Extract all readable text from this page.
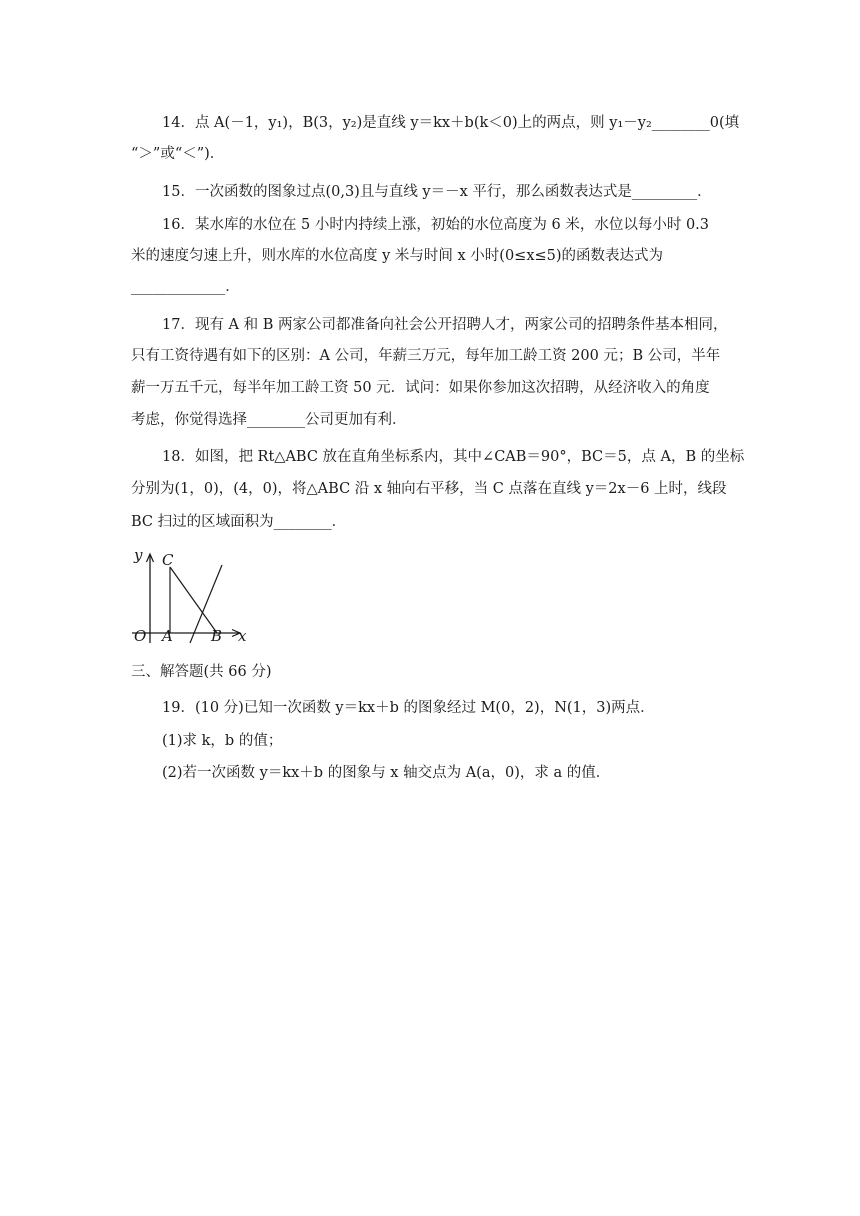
14．点 A(－1，y₁)，B(3，y₂)是直线 y＝kx＋b(k＜0)上的两点，则 y₁－y₂________0(填
“＞”或“＜”)．
15．一次函数的图象过点(0,3)且与直线 y＝－x 平行，那么函数表达式是_________．
16．某水库的水位在 5 小时内持续上涨，初始的水位高度为 6 米，水位以每小时 0.3
米的速度匀速上升，则水库的水位高度 y 米与时间 x 小时(0≤x≤5)的函数表达式为
_____________．
17．现有 A 和 B 两家公司都准备向社会公开招聘人才，两家公司的招聘条件基本相同，
只有工资待遇有如下的区别：A 公司，年薪三万元，每年加工龄工资 200 元；B 公司，半年
薪一万五千元，每半年加工龄工资 50 元．试问：如果你参加这次招聘，从经济收入的角度
考虑，你觉得选择________公司更加有利．
18．如图，把 Rt△ABC 放在直角坐标系内，其中∠CAB＝90°，BC＝5，点 A，B 的坐标
分别为(1，0)，(4，0)，将△ABC 沿 x 轴向右平移，当 C 点落在直线 y＝2x－6 上时，线段
BC 扫过的区域面积为________．
y C
O A	B x
三、解答题(共 66 分)
19．(10 分)已知一次函数 y＝kx＋b 的图象经过 M(0，2)，N(1，3)两点．
(1)求 k，b 的值；
(2)若一次函数 y＝kx＋b 的图象与 x 轴交点为 A(a，0)，求 a 的值．
